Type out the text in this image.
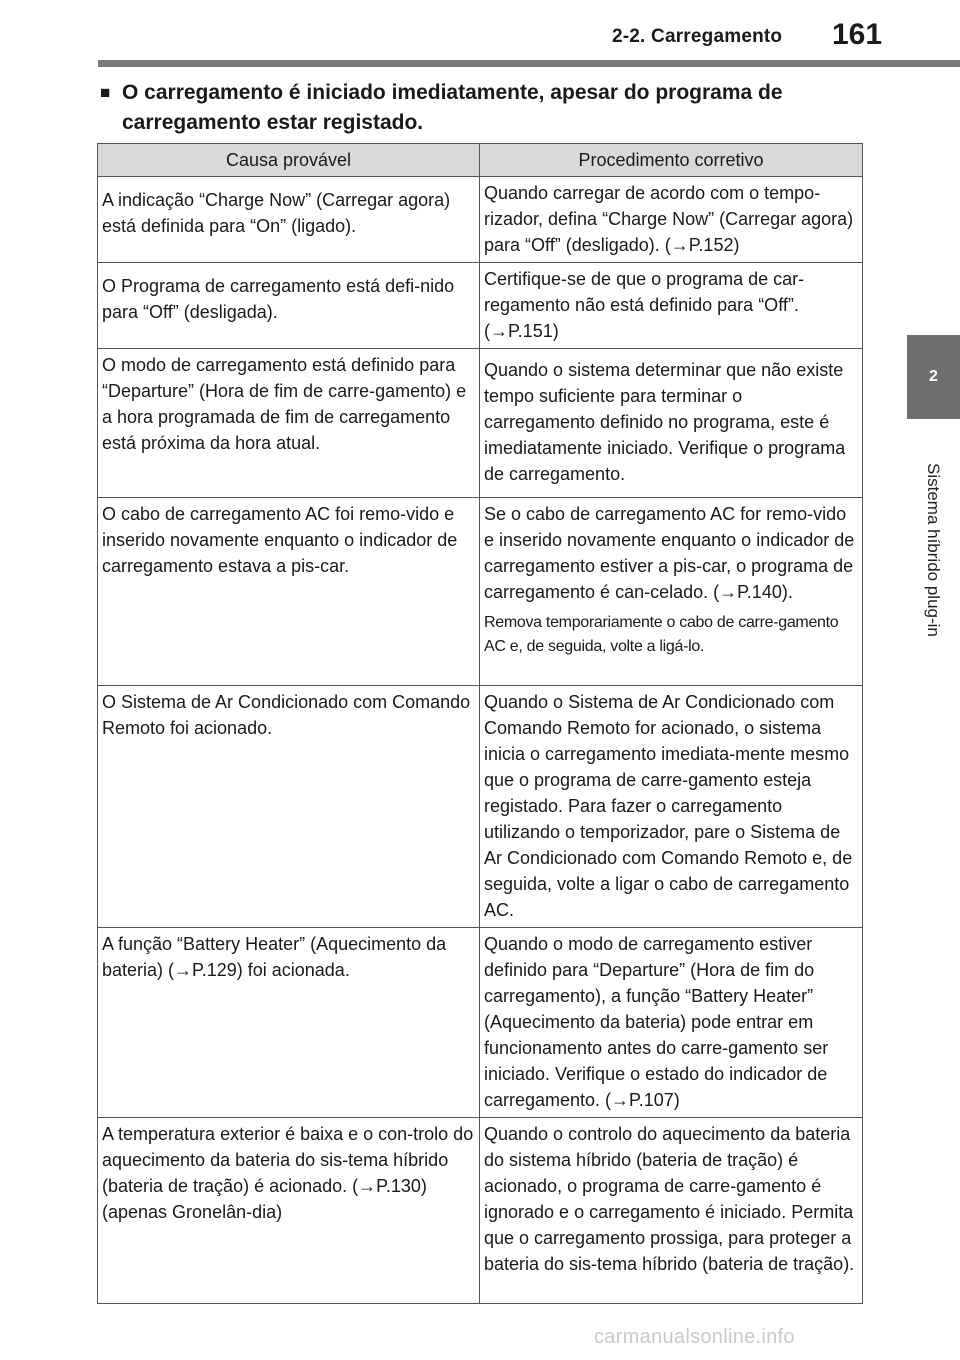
2-2. Carregamento 161
2
Sistema híbrido plug-in
■ O carregamento é iniciado imediatamente, apesar do programa de carregamento estar registado.
Causa provável	Procedimento corretivo
A indicação “Charge Now” (Carregar agora) está definida para “On” (ligado).	Quando carregar de acordo com o tempo-rizador, defina “Charge Now” (Carregar agora) para “Off” (desligado). (→P.152)
O Programa de carregamento está defi-nido para “Off” (desligada).	Certifique-se de que o programa de car-regamento não está definido para “Off”. (→P.151)
O modo de carregamento está definido para “Departure” (Hora de fim de carre-gamento) e a hora programada de fim de carregamento está próxima da hora atual.	Quando o sistema determinar que não existe tempo suficiente para terminar o carregamento definido no programa, este é imediatamente iniciado. Verifique o programa de carregamento.
O cabo de carregamento AC foi remo-vido e inserido novamente enquanto o indicador de carregamento estava a pis-car.	Se o cabo de carregamento AC for remo-vido e inserido novamente enquanto o indicador de carregamento estiver a pis-car, o programa de carregamento é can-celado. (→P.140).
Remova temporariamente o cabo de carre-gamento AC e, de seguida, volte a ligá-lo.

O Sistema de Ar Condicionado com Comando Remoto foi acionado.	Quando o Sistema de Ar Condicionado com Comando Remoto for acionado, o sistema inicia o carregamento imediata-mente mesmo que o programa de carre-gamento esteja registado. Para fazer o carregamento utilizando o temporizador, pare o Sistema de Ar Condicionado com Comando Remoto e, de seguida, volte a ligar o cabo de carregamento AC.
A função “Battery Heater” (Aquecimento da bateria) (→P.129) foi acionada.	Quando o modo de carregamento estiver definido para “Departure” (Hora de fim do carregamento), a função “Battery Heater” (Aquecimento da bateria) pode entrar em funcionamento antes do carre-gamento ser iniciado. Verifique o estado do indicador de carregamento. (→P.107)
A temperatura exterior é baixa e o con-trolo do aquecimento da bateria do sis-tema híbrido (bateria de tração) é acionado. (→P.130) (apenas Gronelân-dia)	Quando o controlo do aquecimento da bateria do sistema híbrido (bateria de tração) é acionado, o programa de carre-gamento é ignorado e o carregamento é iniciado. Permita que o carregamento prossiga, para proteger a bateria do sis-tema híbrido (bateria de tração).
carmanualsonline.info
